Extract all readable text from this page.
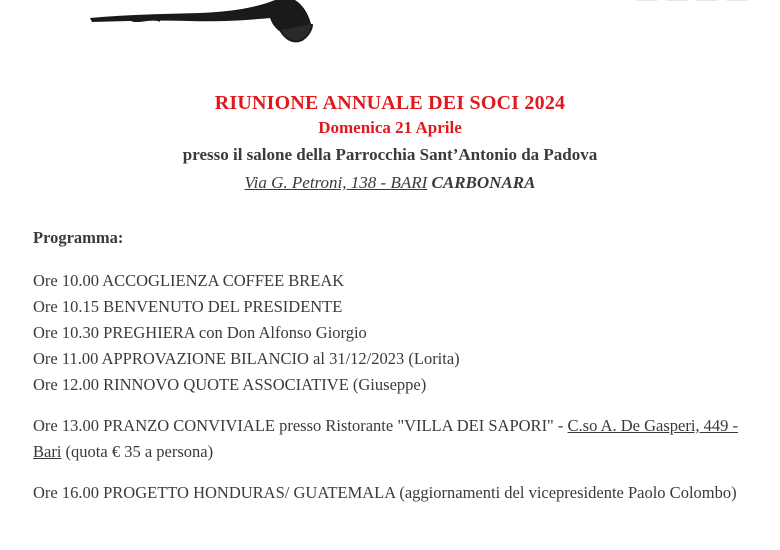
RIUNIONE ANNUALE DEI SOCI 2024
Domenica 21 Aprile
presso il salone della Parrocchia Sant’Antonio da Padova
Via G. Petroni, 138 - BARI CARBONARA
Programma:
Ore 10.00 ACCOGLIENZA COFFEE BREAK
Ore 10.15 BENVENUTO DEL PRESIDENTE
Ore 10.30 PREGHIERA con Don Alfonso Giorgio
Ore 11.00 APPROVAZIONE BILANCIO al 31/12/2023 (Lorita)
Ore 12.00 RINNOVO QUOTE ASSOCIATIVE (Giuseppe)
Ore 13.00 PRANZO CONVIVIALE presso Ristorante "VILLA DEI SAPORI" - C.so A. De Gasperi, 449 - Bari (quota € 35 a persona)
Ore 16.00 PROGETTO HONDURAS/ GUATEMALA (aggiornamenti del vicepresidente Paolo Colombo)
